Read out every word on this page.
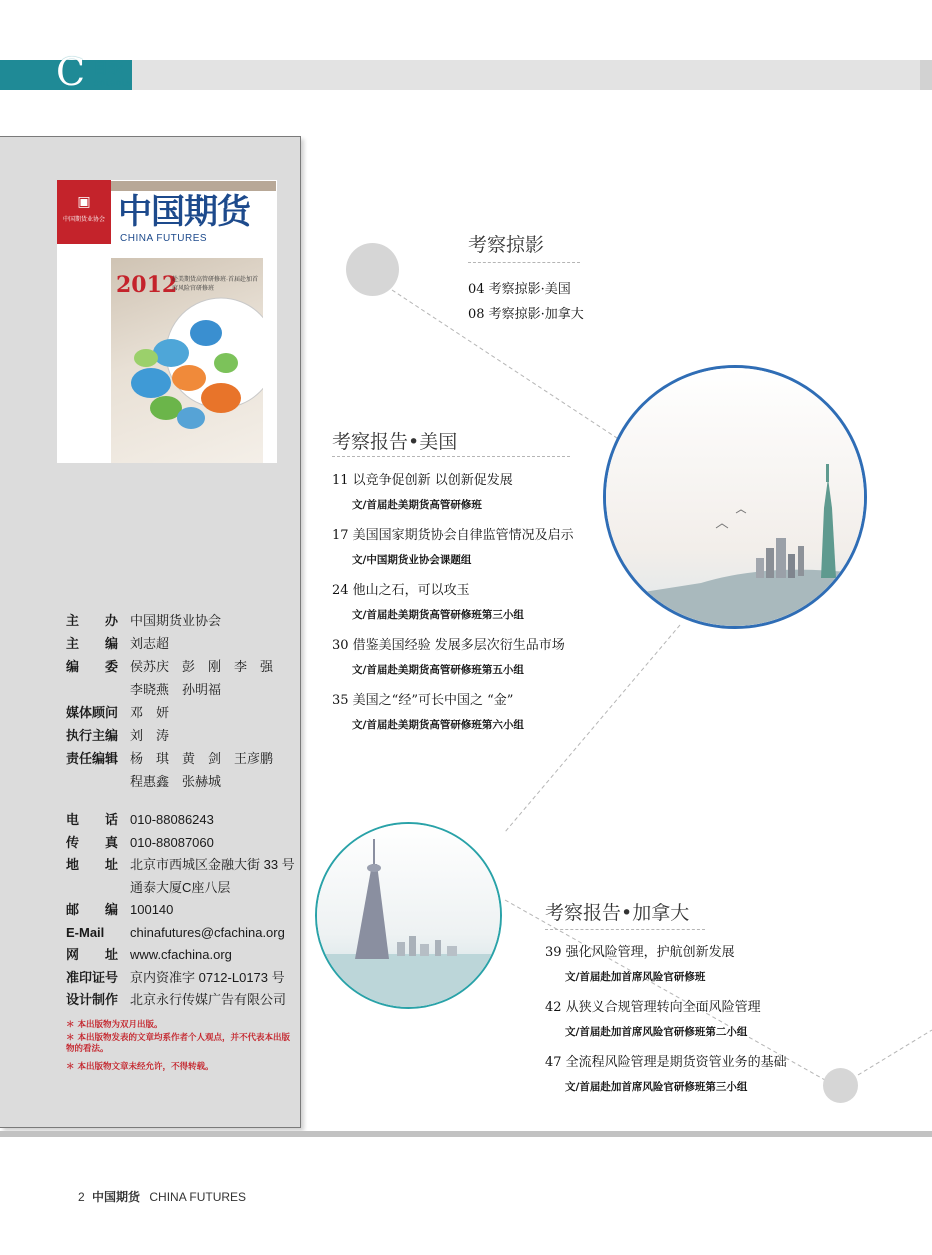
C 目录
ontents
▣
中国期货业协会 中国期货
CHINA FUTURES
2012
赴美期货高管研修班·首届赴加首席风险官研修班
主　办 中国期货业协会
主　编 刘志超
编　委 侯苏庆　彭　刚　李　强
李晓燕　孙明福
媒体顾问 邓　妍
执行主编 刘　涛
责任编辑 杨　琪　黄　剑　王彦鹏
程惠鑫　张赫城
电　话 010-88086243
传　真 010-88087060
地　址 北京市西城区金融大街 33 号
通泰大厦C座八层
邮　编 100140
E-Mail chinafutures@cfachina.org
网　址 www.cfachina.org
准印证号 京内资准字 0712-L0173 号
设计制作 北京永行传媒广告有限公司
＊ 本出版物为双月出版。
＊ 本出版物发表的文章均系作者个人观点，并不代表本出版物的看法。
＊ 本出版物文章未经允许，不得转载。
考察掠影
04 考察掠影·美国
08 考察掠影·加拿大
考察报告•美国
11 以竞争促创新 以创新促发展
文/首届赴美期货高管研修班
17 美国国家期货协会自律监管情况及启示
文/中国期货业协会课题组
24 他山之石，可以攻玉
文/首届赴美期货高管研修班第三小组
30 借鉴美国经验 发展多层次衍生品市场
文/首届赴美期货高管研修班第五小组
35 美国之“经”可长中国之 “金”
文/首届赴美期货高管研修班第六小组
考察报告•加拿大
39 强化风险管理，护航创新发展
文/首届赴加首席风险官研修班
42 从狭义合规管理转向全面风险管理
文/首届赴加首席风险官研修班第二小组
47 全流程风险管理是期货资管业务的基础
文/首届赴加首席风险官研修班第三小组
2 中国期货 CHINA FUTURES
